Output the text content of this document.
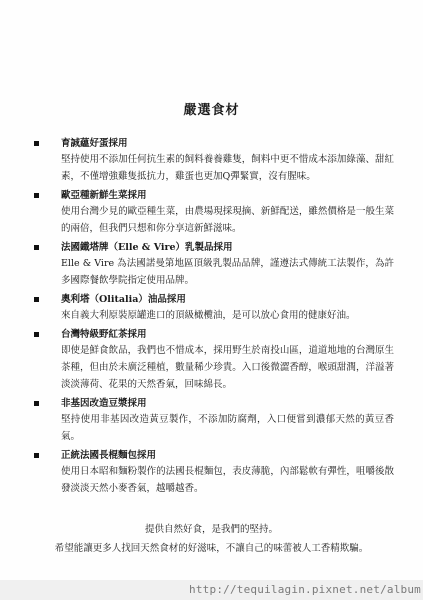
嚴選食材
育誠蘊好蛋採用
堅持使用不添加任何抗生素的飼料養養雞隻，飼料中更不惜成本添加綠藻、甜紅素，不僅增強雞隻抵抗力，雞蛋也更加Q彈緊實，沒有腥味。
歐亞種新鮮生菜採用
使用台灣少見的歐亞種生菜，由農場現採現摘、新鮮配送，雖然價格是一般生菜的兩倍，但我們只想和你分享這新鮮滋味。
法國鐵塔牌（Elle & Vire）乳製品採用
Elle & Vire 為法國諾曼第地區頂級乳製品品牌，謹遵法式傳統工法製作，為許多國際餐飲學院指定使用品牌。
奧利塔（Olitalia）油品採用
來自義大利原裝原罐進口的頂級橄欖油，是可以放心食用的健康好油。
台灣特級野紅茶採用
即使是鮮食飲品，我們也不惜成本，採用野生於南投山區，道道地地的台灣原生茶種，但由於未廣泛種植，數量稀少珍貴。入口後微澀香醇，喉頭甜潤，洋溢著淡淡薄荷、花果的天然香氣，回味綿長。
非基因改造豆漿採用
堅持使用非基因改造黃豆製作，不添加防腐劑，入口便嘗到濃郁天然的黃豆香氣。
正統法國長棍麵包採用
使用日本昭和麵粉製作的法國長棍麵包，表皮薄脆，內部鬆軟有彈性，咀嚼後散發淡淡天然小麥香氣，越嚼越香。
提供自然好食，是我們的堅持。
希望能讓更多人找回天然食材的好滋味，不讓自己的味蕾被人工香精欺騙。
http://tequilagin.pixnet.net/album
